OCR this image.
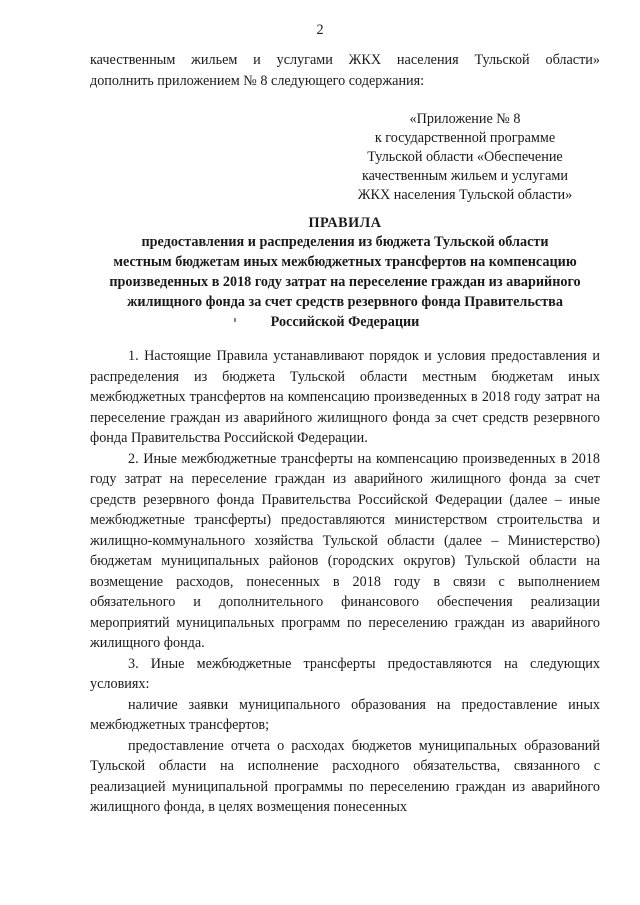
2
качественным жильем и услугами ЖКХ населения Тульской области»
дополнить приложением № 8 следующего содержания:
«Приложение № 8
к государственной программе
Тульской области «Обеспечение
качественным жильем и услугами
ЖКХ населения Тульской области»
ПРАВИЛА
предоставления и распределения из бюджета Тульской области
местным бюджетам иных межбюджетных трансфертов на компенсацию
произведенных в 2018 году затрат на переселение граждан из аварийного
жилищного фонда за счет средств резервного фонда Правительства
Российской Федерации

1. Настоящие Правила устанавливают порядок и условия предоставления и распределения из бюджета Тульской области местным бюджетам иных межбюджетных трансфертов на компенсацию произведенных в 2018 году затрат на переселение граждан из аварийного жилищного фонда за счет средств резервного фонда Правительства Российской Федерации.

2. Иные межбюджетные трансферты на компенсацию произведенных в 2018 году затрат на переселение граждан из аварийного жилищного фонда за счет средств резервного фонда Правительства Российской Федерации (далее – иные межбюджетные трансферты) предоставляются министерством строительства и жилищно-коммунального хозяйства Тульской области (далее – Министерство) бюджетам муниципальных районов (городских округов) Тульской области на возмещение расходов, понесенных в 2018 году в связи с выполнением обязательного и дополнительного финансового обеспечения реализации мероприятий муниципальных программ по переселению граждан из аварийного жилищного фонда.

3. Иные межбюджетные трансферты предоставляются на следующих условиях:

наличие заявки муниципального образования на предоставление иных межбюджетных трансфертов;

предоставление отчета о расходах бюджетов муниципальных образований Тульской области на исполнение расходного обязательства, связанного с реализацией муниципальной программы по переселению граждан из аварийного жилищного фонда, в целях возмещения понесенных
